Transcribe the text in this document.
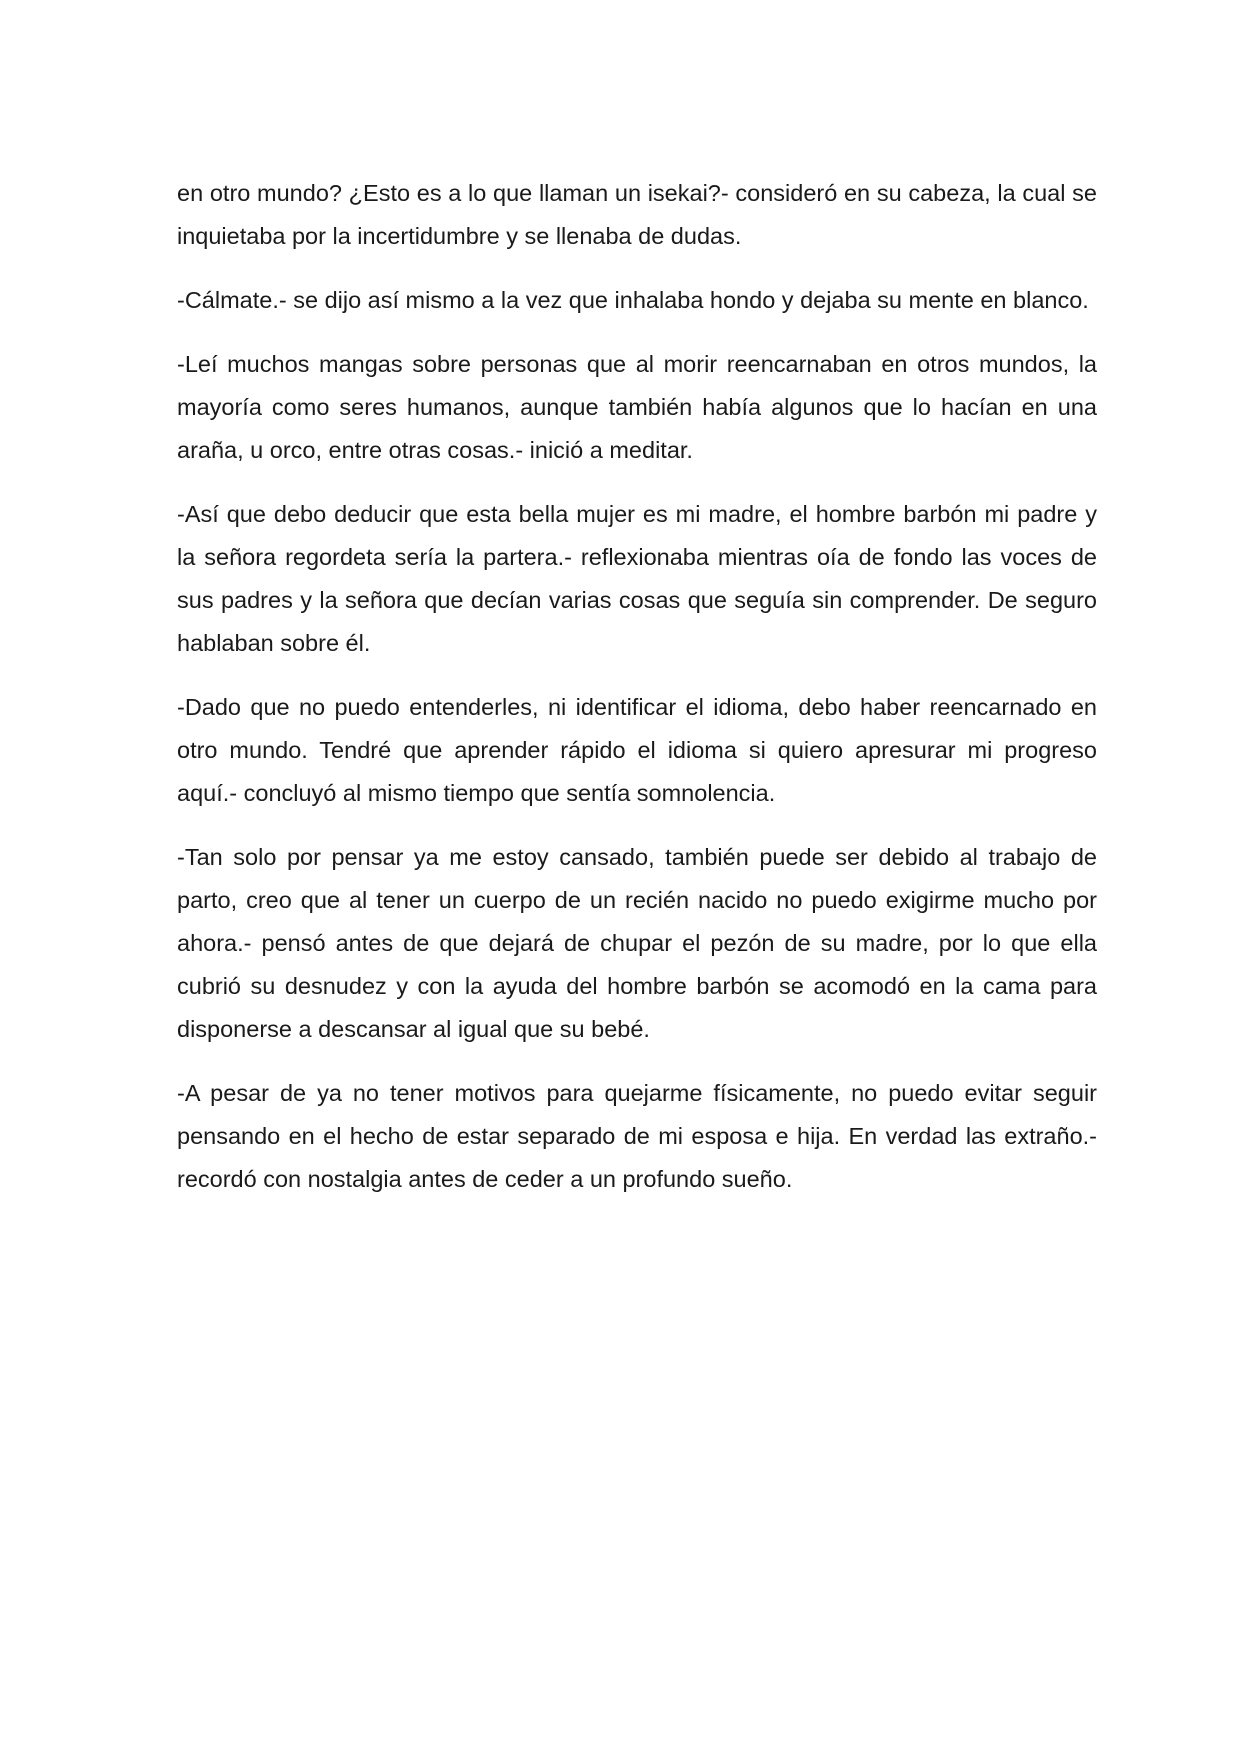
en otro mundo? ¿Esto es a lo que llaman un isekai?- consideró en su cabeza, la cual se inquietaba por la incertidumbre y se llenaba de dudas.

-Cálmate.- se dijo así mismo a la vez que inhalaba hondo y dejaba su mente en blanco.

-Leí muchos mangas sobre personas que al morir reencarnaban en otros mundos, la mayoría como seres humanos, aunque también había algunos que lo hacían en una araña, u orco, entre otras cosas.- inició a meditar.

-Así que debo deducir que esta bella mujer es mi madre, el hombre barbón mi padre y la señora regordeta sería la partera.- reflexionaba mientras oía de fondo las voces de sus padres y la señora que decían varias cosas que seguía sin comprender. De seguro hablaban sobre él.

-Dado que no puedo entenderles, ni identificar el idioma, debo haber reencarnado en otro mundo. Tendré que aprender rápido el idioma si quiero apresurar mi progreso aquí.- concluyó al mismo tiempo que sentía somnolencia.

-Tan solo por pensar ya me estoy cansado, también puede ser debido al trabajo de parto, creo que al tener un cuerpo de un recién nacido no puedo exigirme mucho por ahora.- pensó antes de que dejará de chupar el pezón de su madre, por lo que ella cubrió su desnudez y con la ayuda del hombre barbón se acomodó en la cama para disponerse a descansar al igual que su bebé.

-A pesar de ya no tener motivos para quejarme físicamente, no puedo evitar seguir pensando en el hecho de estar separado de mi esposa e hija. En verdad las extraño.- recordó con nostalgia antes de ceder a un profundo sueño.
